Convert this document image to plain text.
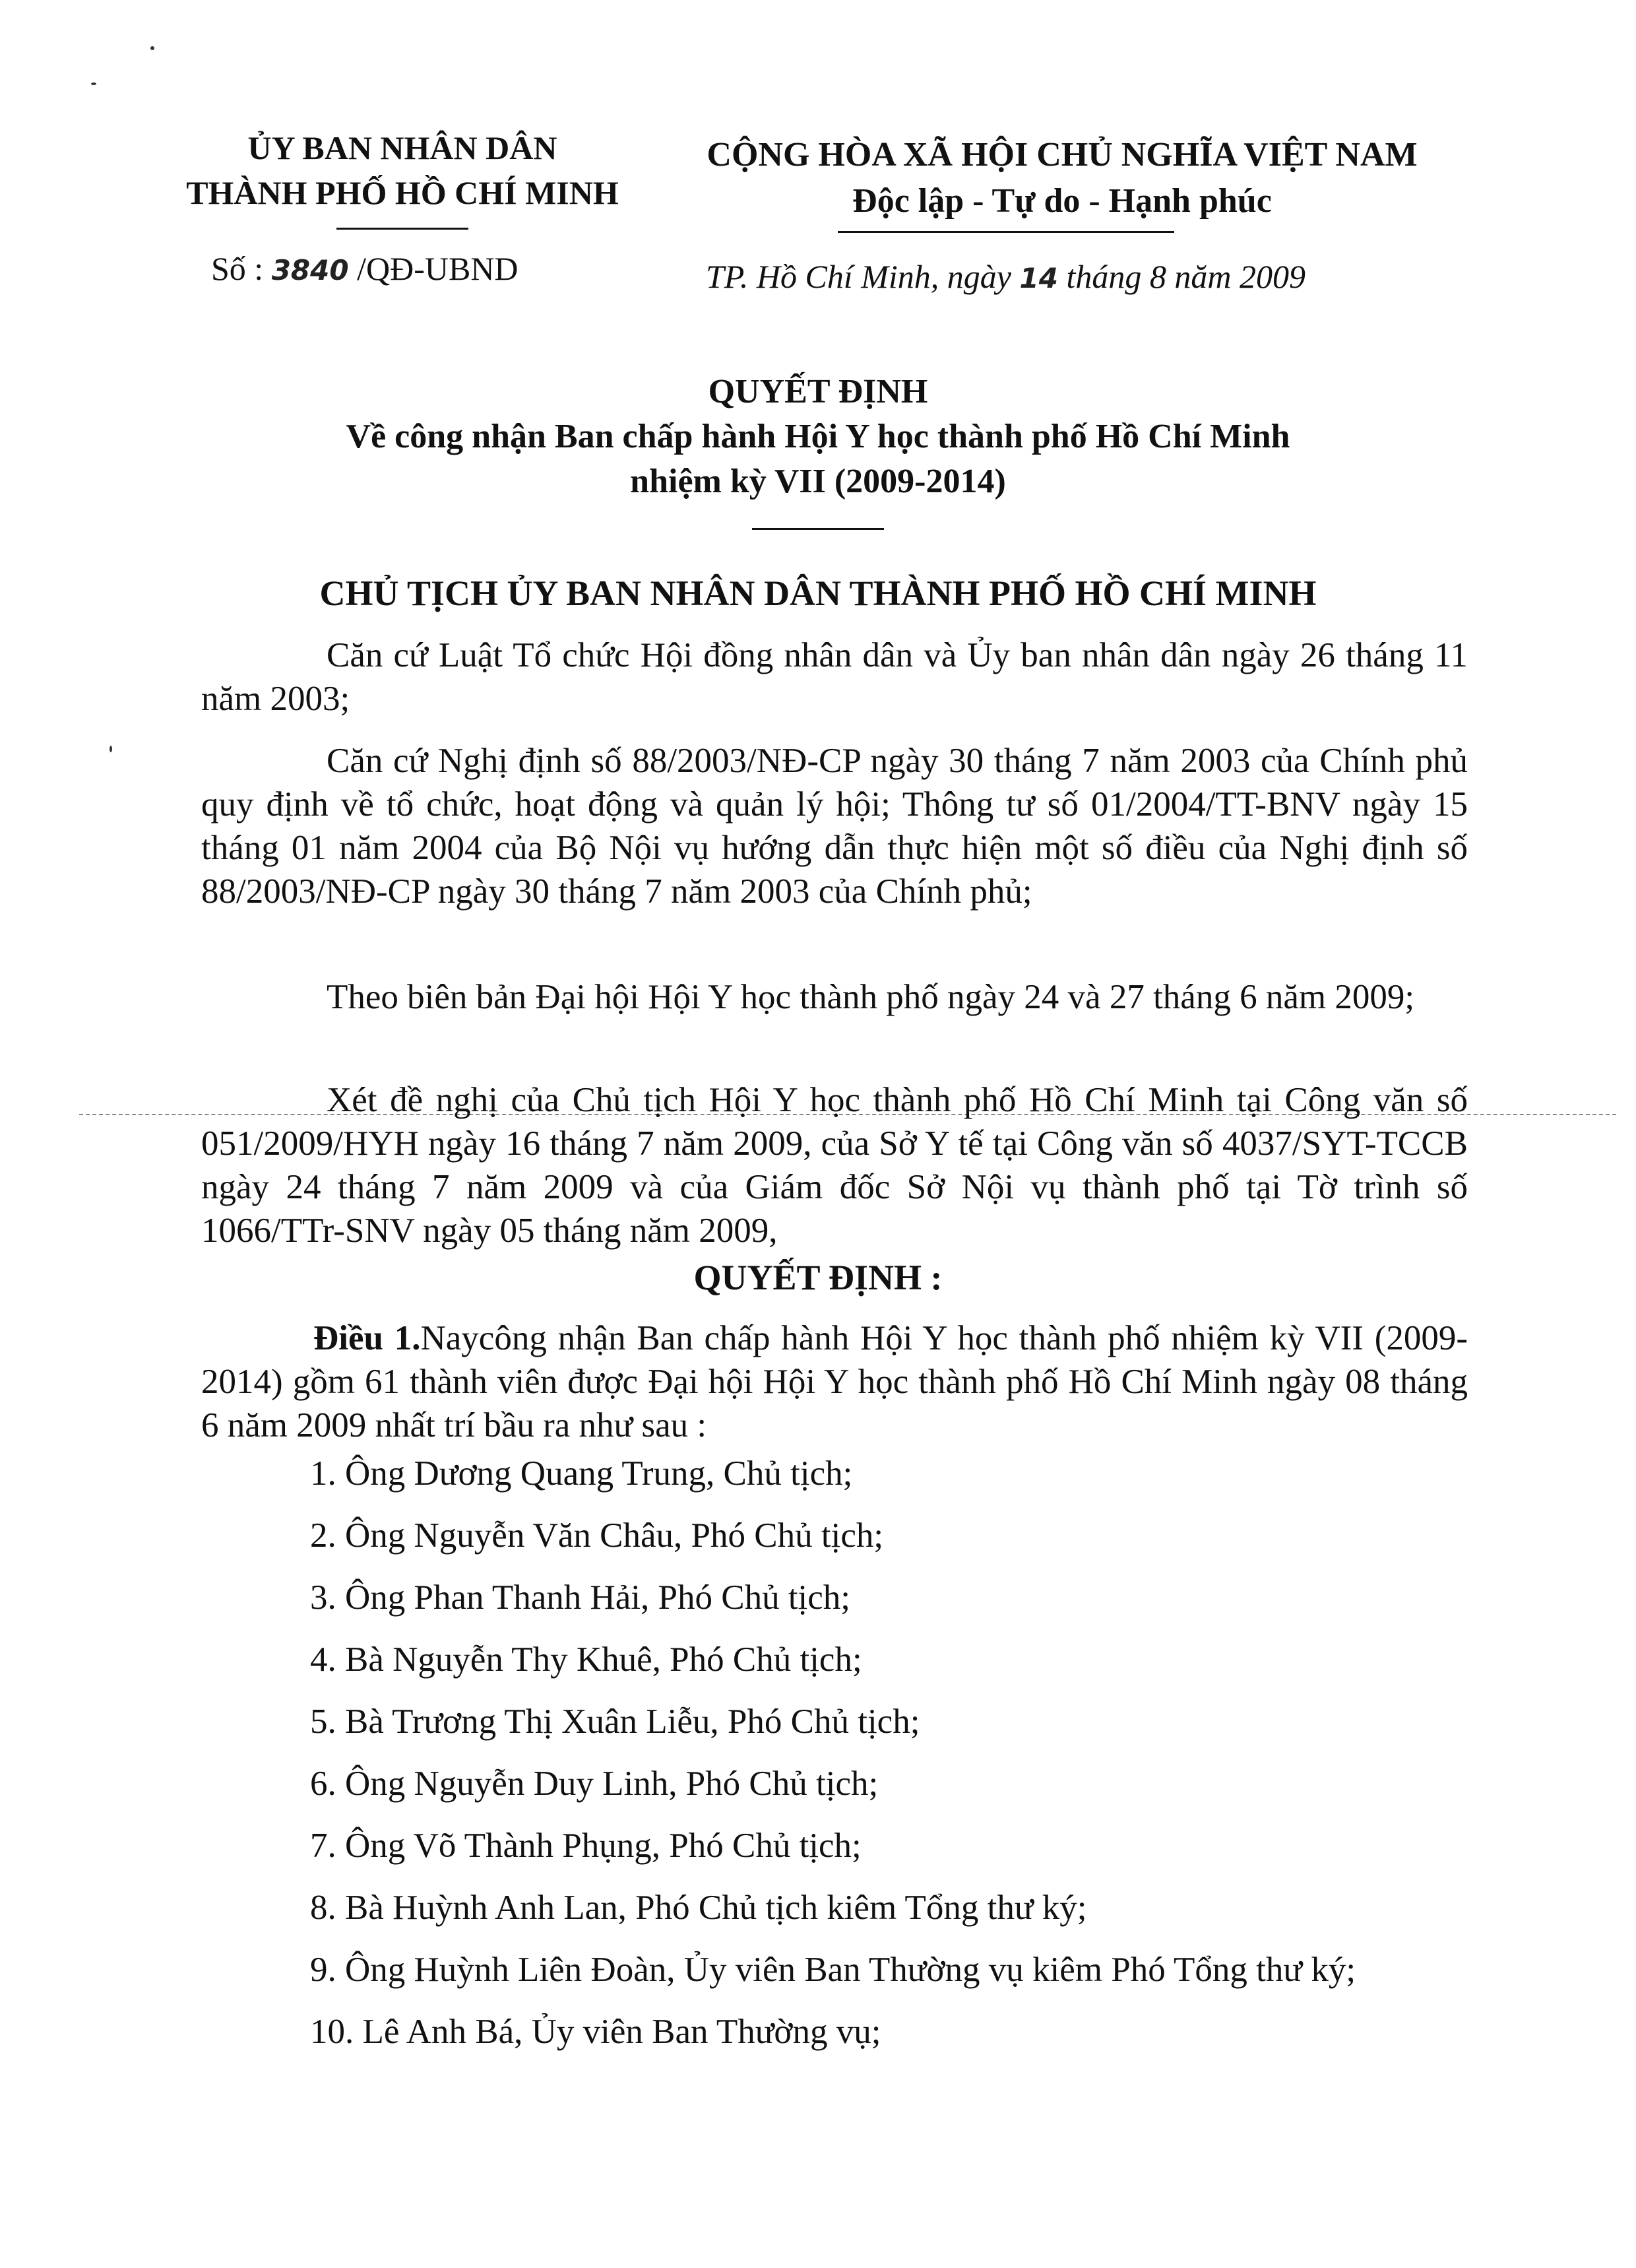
ỦY BAN NHÂN DÂN
THÀNH PHỐ HỒ CHÍ MINH
CỘNG HÒA XÃ HỘI CHỦ NGHĨA VIỆT NAM
Độc lập - Tự do - Hạnh phúc
Số : 3840 /QĐ-UBND	TP. Hồ Chí Minh, ngày 14 tháng 8 năm 2009
QUYẾT ĐỊNH
Về công nhận Ban chấp hành Hội Y học thành phố Hồ Chí Minh
nhiệm kỳ VII (2009-2014)
CHỦ TỊCH ỦY BAN NHÂN DÂN THÀNH PHỐ HỒ CHÍ MINH
Căn cứ Luật Tổ chức Hội đồng nhân dân và Ủy ban nhân dân ngày 26 tháng 11 năm 2003;
Căn cứ Nghị định số 88/2003/NĐ-CP ngày 30 tháng 7 năm 2003 của Chính phủ quy định về tổ chức, hoạt động và quản lý hội; Thông tư số 01/2004/TT-BNV ngày 15 tháng 01 năm 2004 của Bộ Nội vụ hướng dẫn thực hiện một số điều của Nghị định số 88/2003/NĐ-CP ngày 30 tháng 7 năm 2003 của Chính phủ;
Theo biên bản Đại hội Hội Y học thành phố ngày 24 và 27 tháng 6 năm 2009;
Xét đề nghị của Chủ tịch Hội Y học thành phố Hồ Chí Minh tại Công văn số 051/2009/HYH ngày 16 tháng 7 năm 2009, của Sở Y tế tại Công văn số 4037/SYT-TCCB ngày 24 tháng 7 năm 2009 và của Giám đốc Sở Nội vụ thành phố tại Tờ trình số 1066/TTr-SNV ngày 05 tháng năm 2009,
QUYẾT ĐỊNH :
Điều 1.Naycông nhận Ban chấp hành Hội Y học thành phố nhiệm kỳ VII (2009-2014) gồm 61 thành viên được Đại hội Hội Y học thành phố Hồ Chí Minh ngày 08 tháng 6 năm 2009 nhất trí bầu ra như sau :
1. Ông Dương Quang Trung, Chủ tịch;
2. Ông Nguyễn Văn Châu, Phó Chủ tịch;
3. Ông Phan Thanh Hải, Phó Chủ tịch;
4. Bà Nguyễn Thy Khuê, Phó Chủ tịch;
5. Bà Trương Thị Xuân Liễu, Phó Chủ tịch;
6. Ông Nguyễn Duy Linh, Phó Chủ tịch;
7. Ông Võ Thành Phụng, Phó Chủ tịch;
8. Bà Huỳnh Anh Lan, Phó Chủ tịch kiêm Tổng thư ký;
9. Ông Huỳnh Liên Đoàn, Ủy viên Ban Thường vụ kiêm Phó Tổng thư ký;
10. Lê Anh Bá, Ủy viên Ban Thường vụ;
